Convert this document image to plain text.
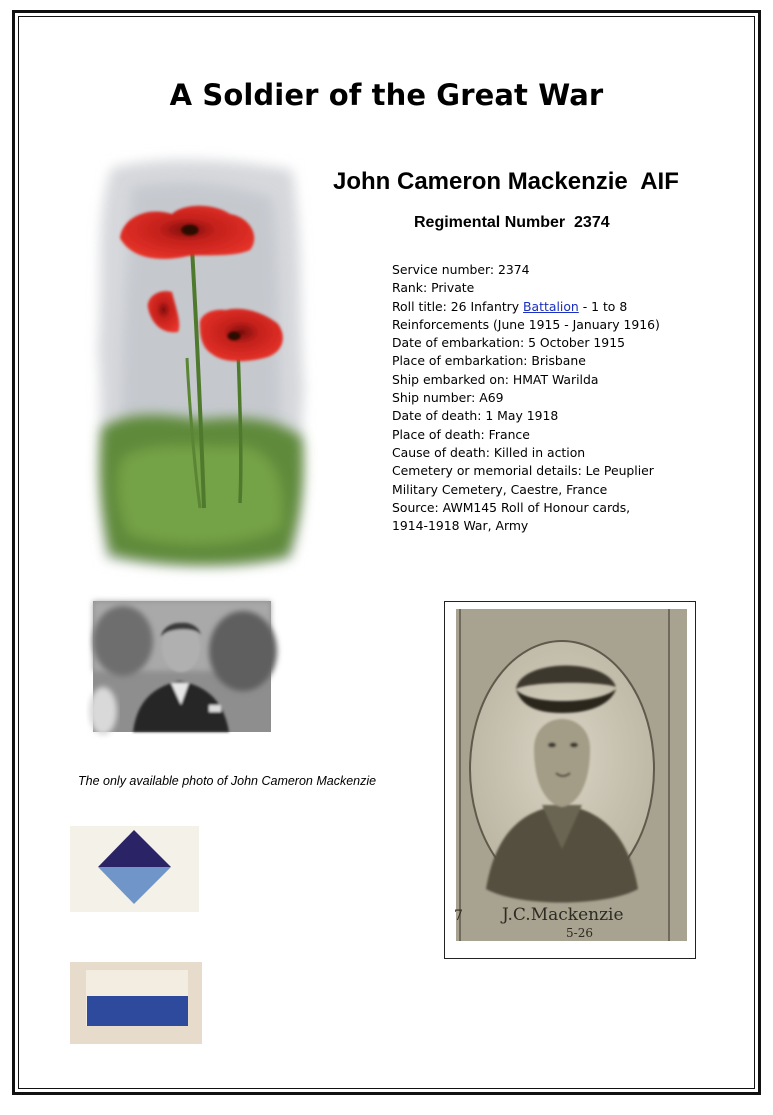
A Soldier of the Great War
John Cameron Mackenzie  AIF
Regimental Number  2374
Service number: 2374
Rank: Private
Roll title: 26 Infantry Battalion - 1 to 8
Reinforcements (June 1915 - January 1916)
Date of embarkation: 5 October 1915
Place of embarkation: Brisbane
Ship embarked on: HMAT Warilda
Ship number: A69
Date of death: 1 May 1918
Place of death: France
Cause of death: Killed in action
Cemetery or memorial details: Le Peuplier
Military Cemetery, Caestre, France
Source: AWM145 Roll of Honour cards,
1914-1918 War, Army
The only available photo of John Cameron Mackenzie
J.C.Mackenzie
5-26
7
